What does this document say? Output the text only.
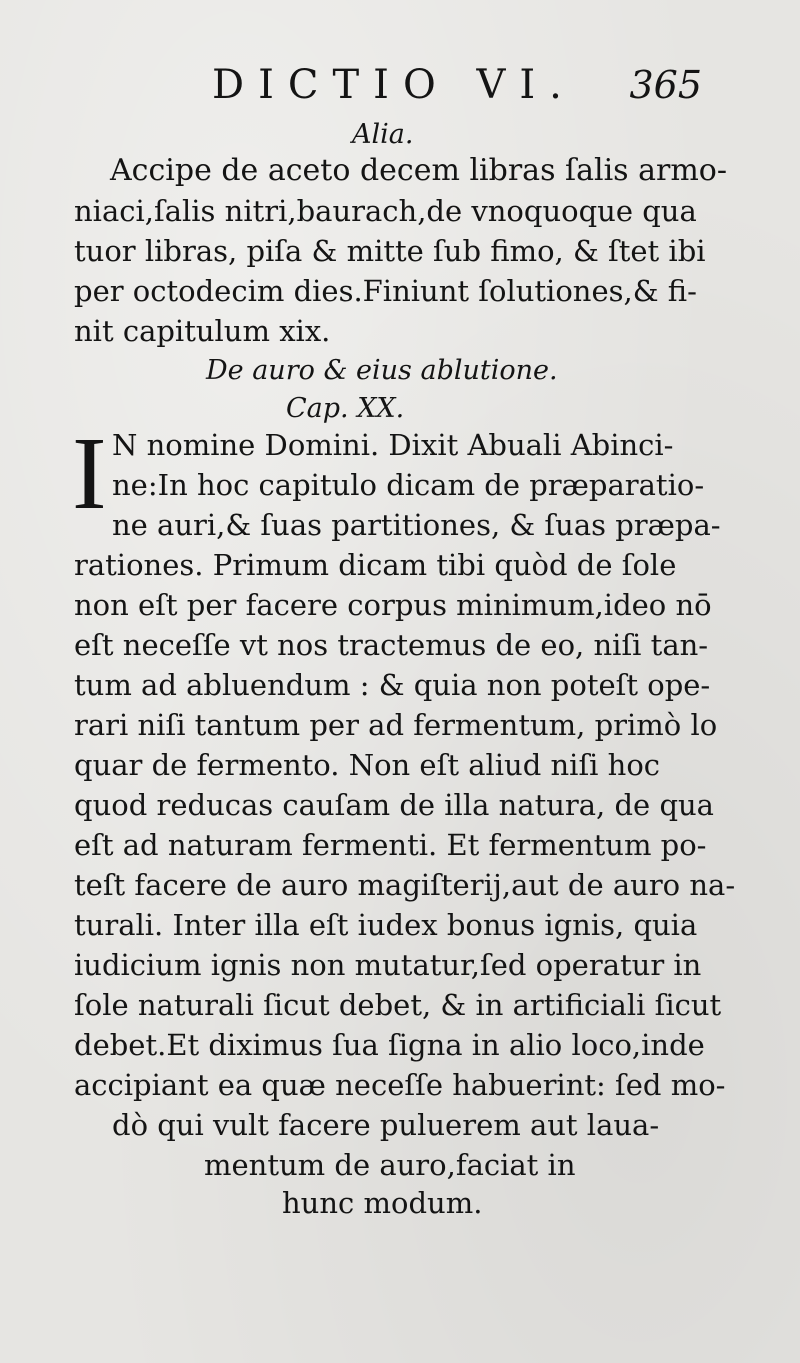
DICTIO VI. 365
Alia.
Accipe de aceto decem libras ſalis armo-
niaci,ſalis nitri,baurach,de vnoquoque qua
tuor libras, piſa & mitte ſub fimo, & ſtet ibi
per octodecim dies.Finiunt ſolutiones,& fi-
nit capitulum xix.
De auro & eius ablutione.
Cap. XX.
I N nomine Domini. Dixit Abuali Abinci-
ne:In hoc capitulo dicam de præparatio-
ne auri,& ſuas partitiones, & ſuas præpa-
rationes. Primum dicam tibi quòd de ſole
non eſt per facere corpus minimum,ideo nō
eſt neceſſe vt nos tractemus de eo, niſi tan-
tum ad abluendum : & quia non poteſt ope-
rari niſi tantum per ad fermentum, primò lo
quar de fermento. Non eſt aliud niſi hoc
quod reducas cauſam de illa natura, de qua
eſt ad naturam fermenti. Et fermentum po-
teſt facere de auro magiſterij,aut de auro na-
turali. Inter illa eſt iudex bonus ignis, quia
iudicium ignis non mutatur,ſed operatur in
ſole naturali ſicut debet, & in artificiali ſicut
debet.Et diximus ſua ſigna in alio loco,inde
accipiant ea quæ neceſſe habuerint: ſed mo-
dò qui vult facere puluerem aut laua-
mentum de auro,faciat in
hunc modum.
